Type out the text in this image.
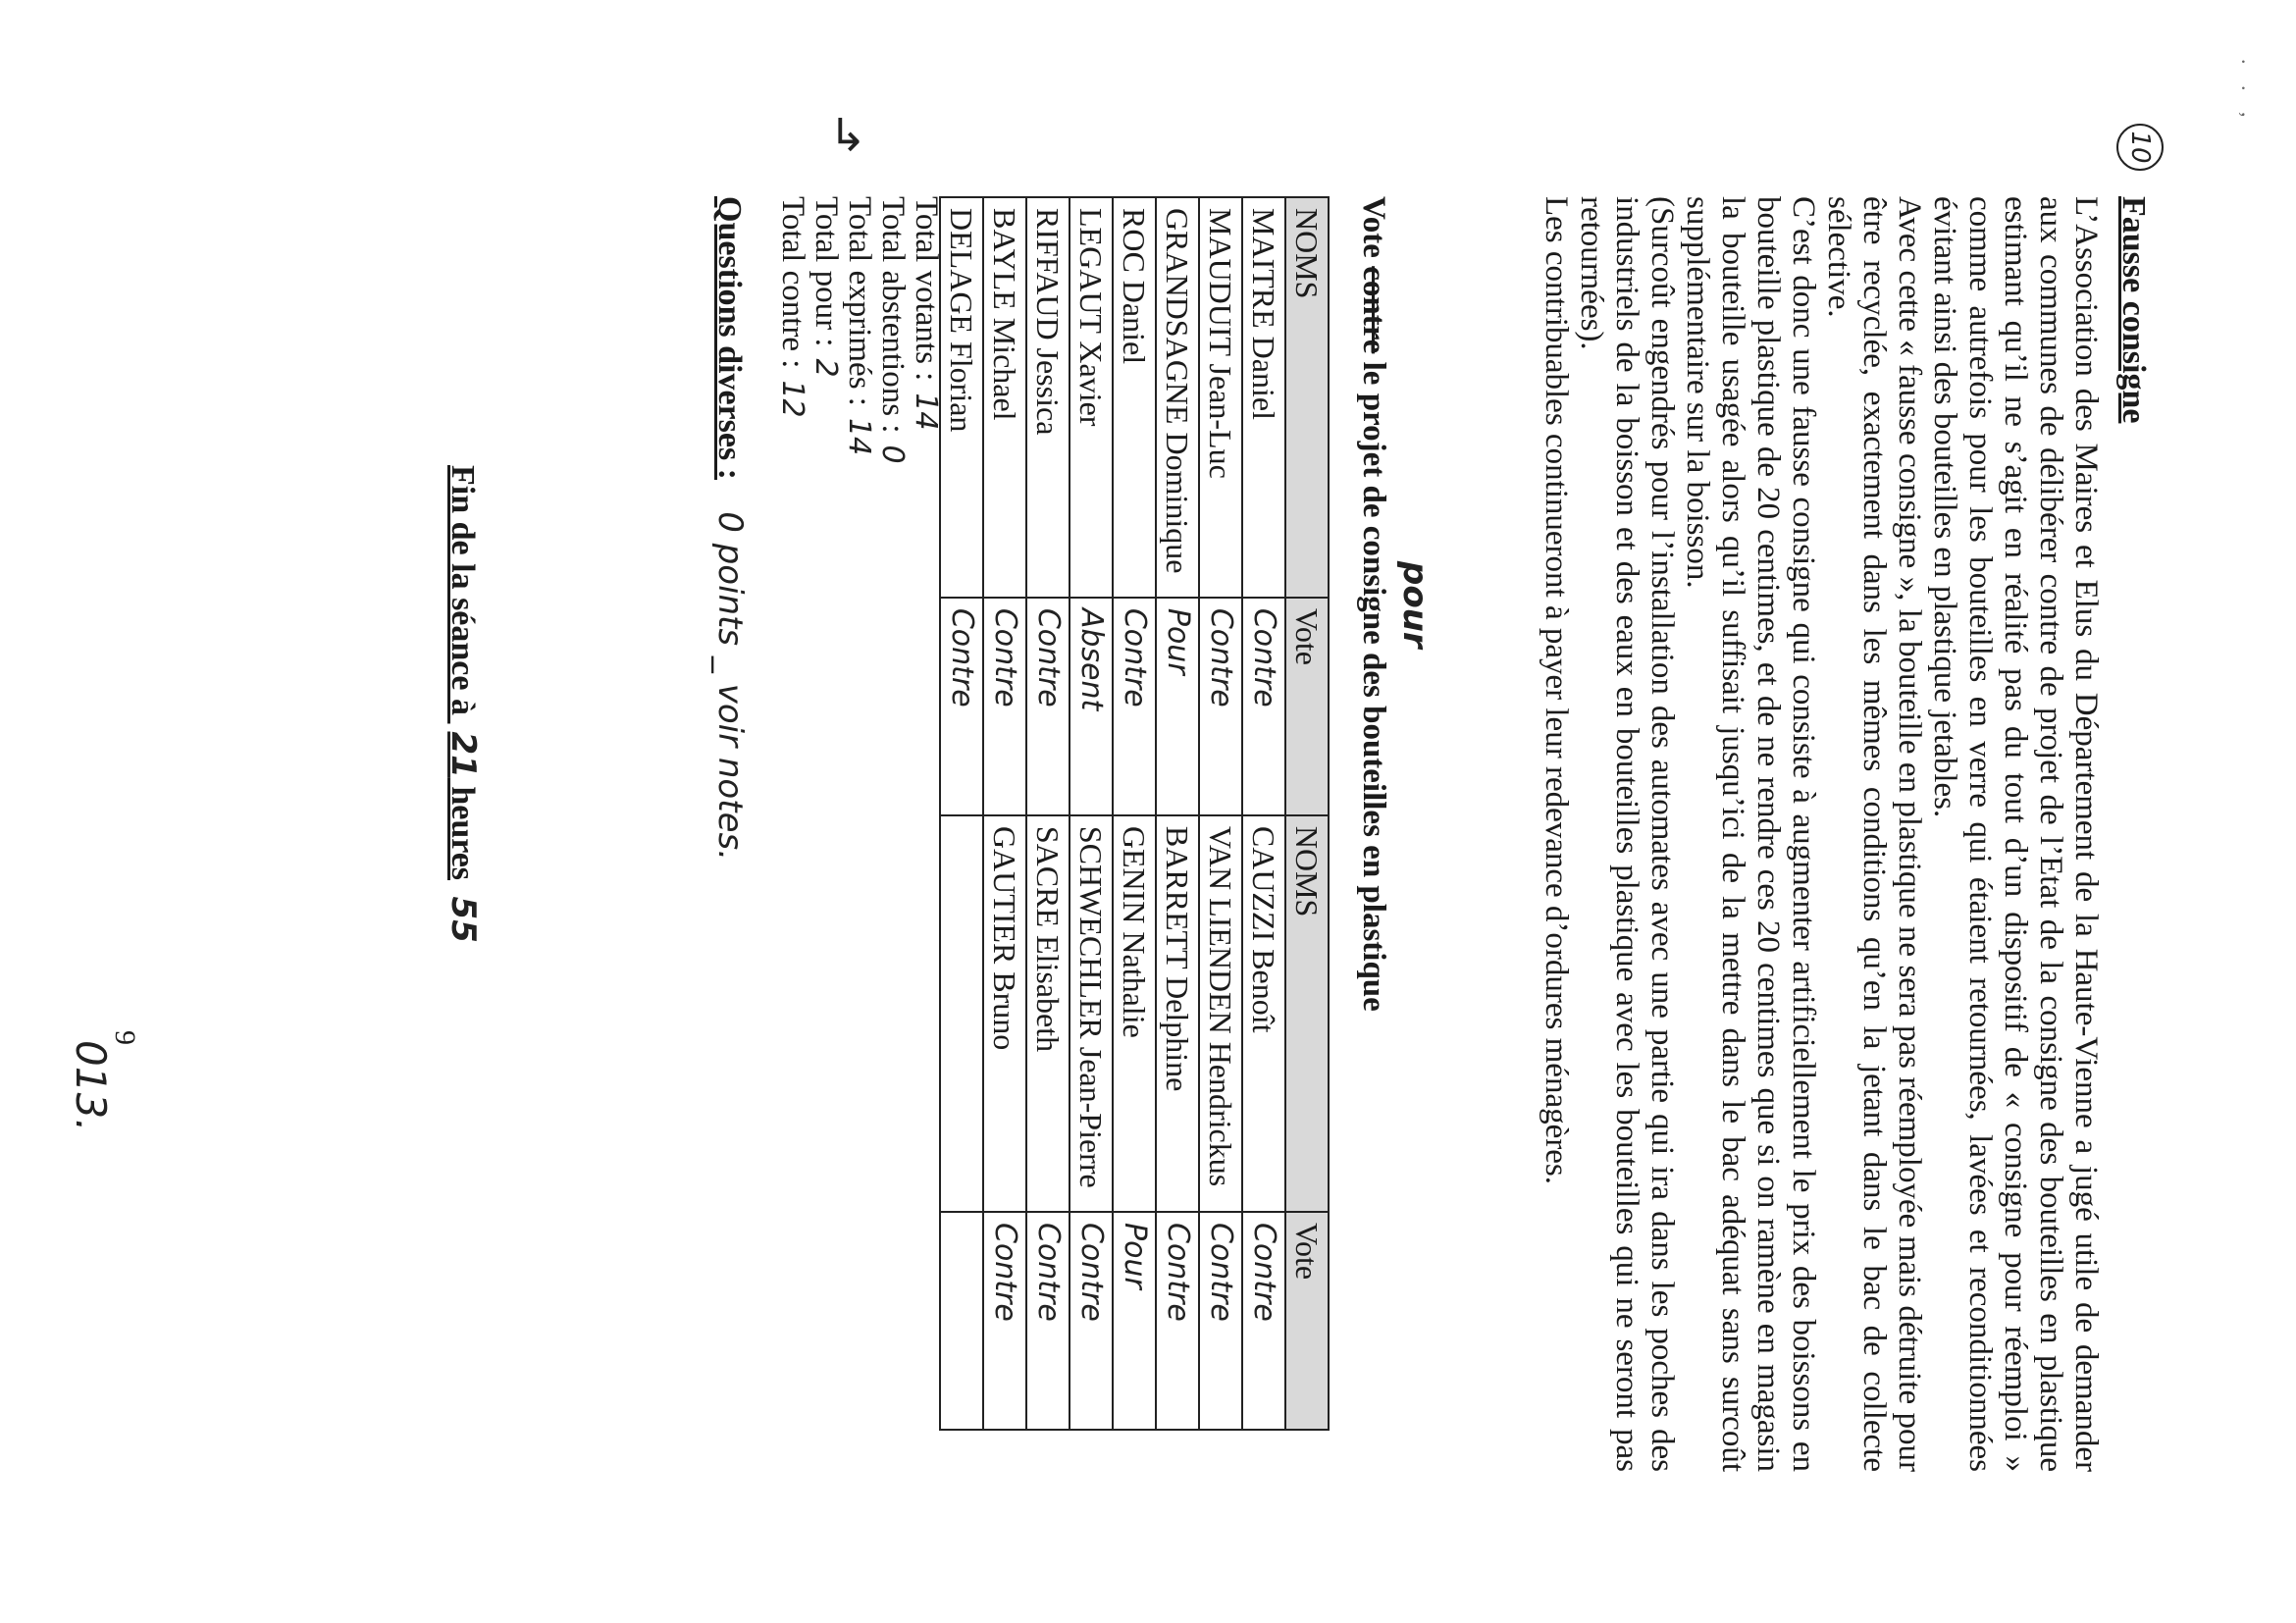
. . ,
10
↳
Fausse consigne

L’Association des Maires et Elus du Département de la Haute-Vienne a jugé utile de demander aux communes de délibérer contre de projet de l’Etat de la consigne des bouteilles en plastique estimant qu’il ne s’agit en réalité pas du tout d’un dispositif de « consigne pour réemploi » comme autrefois pour les bouteilles en verre qui étaient retournées, lavées et reconditionnées évitant ainsi des bouteilles en plastique jetables.

Avec cette « fausse consigne », la bouteille en plastique ne sera pas réemployée mais détruite pour être recyclée, exactement dans les mêmes conditions qu’en la jetant dans le bac de collecte sélective.

C’est donc une fausse consigne qui consiste à augmenter artificiellement le prix des boissons en bouteille plastique de 20 centimes, et de ne rendre ces 20 centimes que si on ramène en magasin la bouteille usagée alors qu’il suffisait jusqu’ici de la mettre dans le bac adéquat sans surcoût supplémentaire sur la boisson.

(Surcoût engendrés pour l’installation des automates avec une partie qui ira dans les poches des industriels de la boisson et des eaux en bouteilles plastique avec les bouteilles qui ne seront pas retournées).

Les contribuables continueront à payer leur redevance d’ordures ménagères.

Vote contre le projet de consigne des bouteilles en plastique pour
NOMS	Vote	NOMS	Vote
MAITRE Daniel	Contre	CAUZZI Benoît	Contre
MAUDUIT Jean-Luc	Contre	VAN LIENDEN Hendrickus	Contre
GRANDSAGNE Dominique	Pour	BARRETT Delphine	Contre
ROC Daniel	Contre	GENIN Nathalie	Pour
LEGAUT Xavier	Absent	SCHWECHLER Jean-Pierre	Contre
RIFFAUD Jessica	Contre	SACRE Elisabeth	Contre
BAYLE Michael	Contre	GAUTIER Bruno	Contre
DELAGE Florian	Contre		
Total votants :14
Total abstentions :0
Total exprimés :14
Total pour :2
Total contre :12
Questions diverses : 0 points _ voir notes.
Fin de la séance à 21 heures 55
9
013.
